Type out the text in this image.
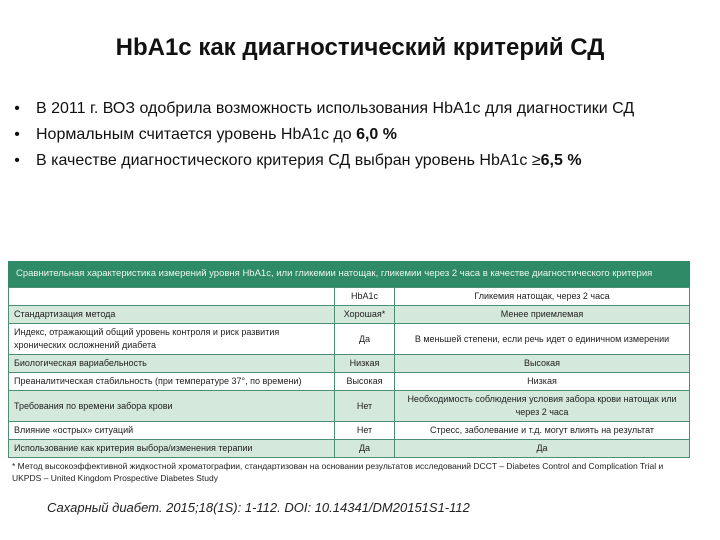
HbA1c как диагностический критерий СД
• В 2011 г. ВОЗ одобрила возможность использования HbA1c для диагностики СД
• Нормальным считается уровень HbA1c до 6,0 %
• В качестве диагностического критерия СД выбран уровень HbA1c ≥6,5 %
Сравнительная характеристика измерений уровня HbA1c, или гликемии натощак, гликемии через 2 часа в качестве диагностического критерия
	HbA1c	Гликемия натощак, через 2 часа
Стандартизация метода	Хорошая*	Менее приемлемая
Индекс, отражающий общий уровень контроля и риск развития хронических осложнений диабета	Да	В меньшей степени, если речь идет о единичном измерении
Биологическая вариабельность	Низкая	Высокая
Преаналитическая стабильность (при температуре 37°, по времени)	Высокая	Низкая
Требования по времени забора крови	Нет	Необходимость соблюдения условия забора крови натощак или через 2 часа
Влияние «острых» ситуаций	Нет	Стресс, заболевание и т.д. могут влиять на результат
Использование как критерия выбора/изменения терапии	Да	Да
* Метод высокоэффективной жидкостной хроматографии, стандартизован на основании результатов исследований DCCT – Diabetes Control and Complication Trial и UKPDS – United Kingdom Prospective Diabetes Study
Сахарный диабет. 2015;18(1S): 1-112. DOI: 10.14341/DM20151S1-112
